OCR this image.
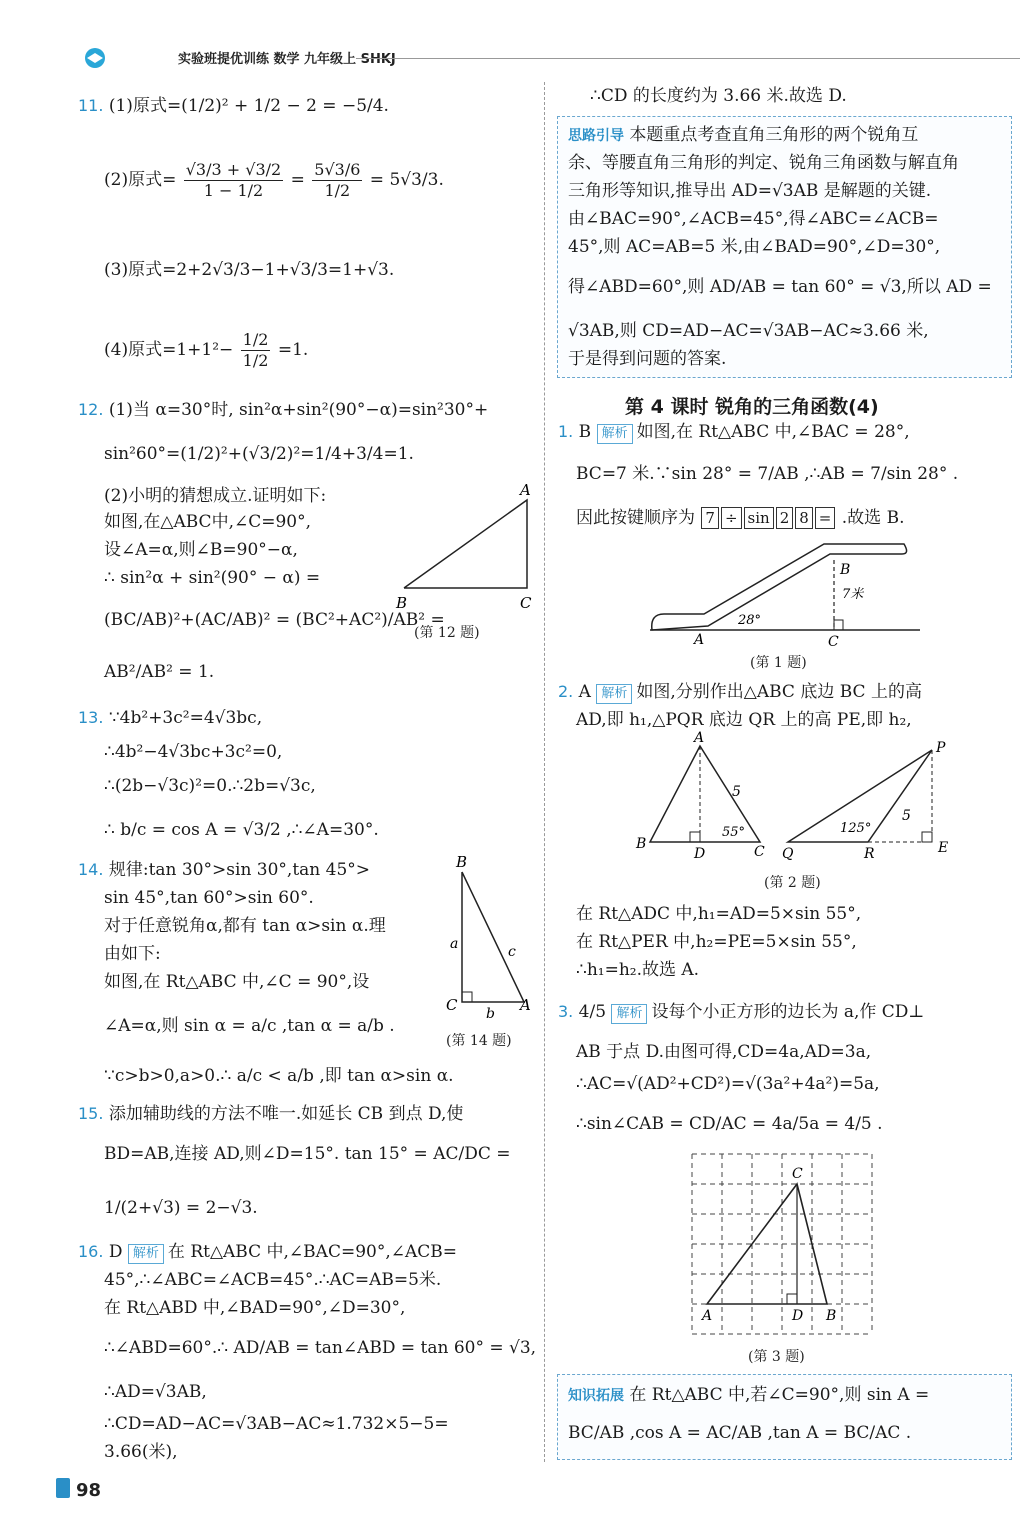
实验班提优训练 数学 九年级上 SHKJ
11. (1)原式=(1/2)² + 1/2 − 2 = −5/4.
(2)原式= $\frac{√3/3 + √3/2}{1 - 1/2} = \frac{5√3/6}{1/2} = 5√3/3$.
(3)原式=2+2√3/3−1+√3/3=1+√3.
(4)原式$=1+1^2- \frac{1/2}{1/2} =1$.
12. (1)当 α=30°时, sin²α+sin²(90°−α)=sin²30°+
sin²60°=(1/2)²+(√3/2)²=1/4+3/4=1.
(2)小明的猜想成立.证明如下:
如图,在△ABC中,∠C=90°,
设∠A=α,则∠B=90°−α,
∴ sin²α + sin²(90° − α) =
(BC/AB)²+(AC/AB)² = (BC²+AC²)/AB² =
AB²/AB² = 1.
A
B	C
(第 12 题)
13. ∵4b²+3c²=4√3bc,
∴4b²−4√3bc+3c²=0,
∴(2b−√3c)²=0.∴2b=√3c,
∴ b/c = cos A = √3/2 ,∴∠A=30°.
14. 规律:tan 30°>sin 30°,tan 45°>
sin 45°,tan 60°>sin 60°.
对于任意锐角α,都有 tan α>sin α.理
由如下:
如图,在 Rt△ABC 中,∠C = 90°,设
∠A=α,则 sin α = a/c ,tan α = a/b .
∵c>b>0,a>0.∴ a/c < a/b ,即 tan α>sin α.
B
C	A
a	c
b
(第 14 题)
15. 添加辅助线的方法不唯一.如延长 CB 到点 D,使
BD=AB,连接 AD,则∠D=15°. tan 15° = AC/DC =
1/(2+√3) = 2−√3.
16. D 解析 在 Rt△ABC 中,∠BAC=90°,∠ACB=
45°,∴∠ABC=∠ACB=45°.∴AC=AB=5米.
在 Rt△ABD 中,∠BAD=90°,∠D=30°,
∴∠ABD=60°.∴ AD/AB = tan∠ABD = tan 60° = √3,
∴AD=√3AB,
∴CD=AD−AC=√3AB−AC≈1.732×5−5=
3.66(米),
∴CD 的长度约为 3.66 米.故选 D.
思路引导 本题重点考查直角三角形的两个锐角互
余、等腰直角三角形的判定、锐角三角函数与解直角
三角形等知识,推导出 AD=√3AB 是解题的关键.
由∠BAC=90°,∠ACB=45°,得∠ABC=∠ACB=
45°,则 AC=AB=5 米,由∠BAD=90°,∠D=30°,
得∠ABD=60°,则 AD/AB = tan 60° = √3,所以 AD =
√3AB,则 CD=AD−AC=√3AB−AC≈3.66 米,
于是得到问题的答案.
第 4 课时 锐角的三角函数(4)
1. B 解析 如图,在 Rt△ABC 中,∠BAC = 28°,
BC=7 米.∵sin 28° = 7/AB ,∴AB = 7/sin 28° .
因此按键顺序为 7 ÷ sin 2 8 = .故选 B.
A
B
C
28°
7米
(第 1 题)
2. A 解析 如图,分别作出△ABC 底边 BC 上的高
AD,即 h₁,△PQR 底边 QR 上的高 PE,即 h₂,
A
B
D	C
5
55°
P
Q	R	E
5
125°
(第 2 题)
在 Rt△ADC 中,h₁=AD=5×sin 55°,
在 Rt△PER 中,h₂=PE=5×sin 55°,
∴h₁=h₂.故选 A.
3. 4/5 解析 设每个小正方形的边长为 a,作 CD⊥
AB 于点 D.由图可得,CD=4a,AD=3a,
∴AC=√(AD²+CD²)=√(3a²+4a²)=5a,
∴sin∠CAB = CD/AC = 4a/5a = 4/5 .
C
A	D B
(第 3 题)
知识拓展 在 Rt△ABC 中,若∠C=90°,则 sin A =
BC/AB ,cos A = AC/AB ,tan A = BC/AC .
98
